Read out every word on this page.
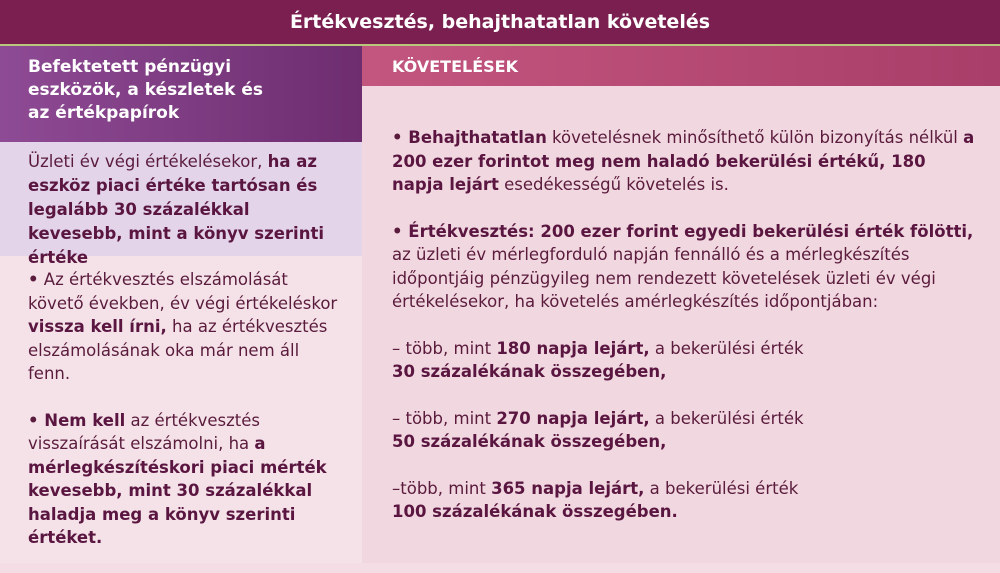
Értékvesztés, behajthatatlan követelés
Befektetett pénzügyi
eszközök, a készletek és
az értékpapírok
Üzleti év végi értékelésekor, ha az eszköz piaci értéke tartósan és legalább 30 százalékkal kevesebb, mint a könyv szerinti értéke

• Az értékvesztés elszámolását követő években, év végi értékeléskor vissza kell írni, ha az értékvesztés elszámolásának oka már nem áll fenn.

• Nem kell az értékvesztés visszaírását elszámolni, ha a mérlegkészítéskori piaci mérték kevesebb, mint 30 százalékkal haladja meg a könyv szerinti értéket.

KÖVETELÉSEK

• Behajthatatlan követelésnek minősíthető külön bizonyítás nélkül a 200 ezer forintot meg nem haladó bekerülési értékű, 180 napja lejárt esedékességű követelés is.

• Értékvesztés: 200 ezer forint egyedi bekerülési érték fölötti, az üzleti év mérlegforduló napján fennálló és a mérlegkészítés időpontjáig pénzügyileg nem rendezett követelések üzleti év végi értékelésekor, ha követelés amérlegkészítés időpontjában:

– több, mint 180 napja lejárt, a bekerülési érték
30 százalékának összegében,

– több, mint 270 napja lejárt, a bekerülési érték
50 százalékának összegében,

–több, mint 365 napja lejárt, a bekerülési érték
100 százalékának összegében.
